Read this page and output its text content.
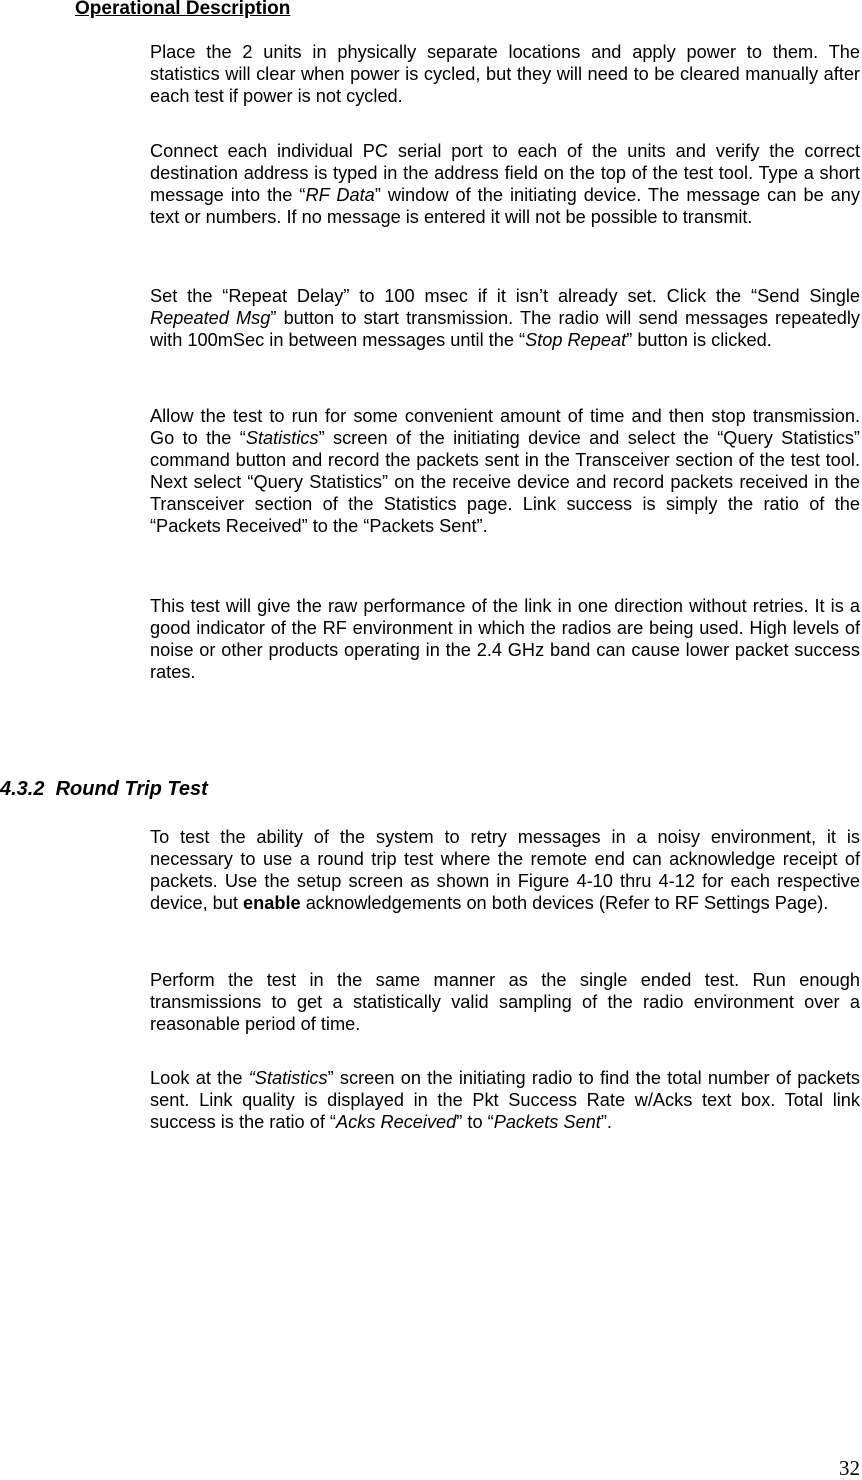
Operational Description

Place the 2 units in physically separate locations and apply power to them. The statistics will clear when power is cycled, but they will need to be cleared manually after each test if power is not cycled.

Connect each individual PC serial port to each of the units and verify the correct destination address is typed in the address field on the top of the test tool. Type a short message into the “RF Data” window of the initiating device. The message can be any text or numbers. If no message is entered it will not be possible to transmit.

Set the “Repeat Delay” to 100 msec if it isn’t already set. Click the “Send Single Repeated Msg” button to start transmission. The radio will send messages repeatedly with 100mSec in between messages until the “Stop Repeat” button is clicked.

Allow the test to run for some convenient amount of time and then stop transmission. Go to the “Statistics” screen of the initiating device and select the “Query Statistics” command button and record the packets sent in the Transceiver section of the test tool. Next select “Query Statistics” on the receive device and record packets received in the Transceiver section of the Statistics page. Link success is simply the ratio of the “Packets Received” to the “Packets Sent”.

This test will give the raw performance of the link in one direction without retries. It is a good indicator of the RF environment in which the radios are being used. High levels of noise or other products operating in the 2.4 GHz band can cause lower packet success rates.

4.3.2  Round Trip Test

To test the ability of the system to retry messages in a noisy environment, it is necessary to use a round trip test where the remote end can acknowledge receipt of packets. Use the setup screen as shown in Figure 4-10 thru 4-12 for each respective device, but enable acknowledgements on both devices (Refer to RF Settings Page).

Perform the test in the same manner as the single ended test. Run enough transmissions to get a statistically valid sampling of the radio environment over a reasonable period of time.

Look at the “Statistics” screen on the initiating radio to find the total number of packets sent. Link quality is displayed in the Pkt Success Rate w/Acks text box. Total link success is the ratio of “Acks Received” to “Packets Sent”.

32
